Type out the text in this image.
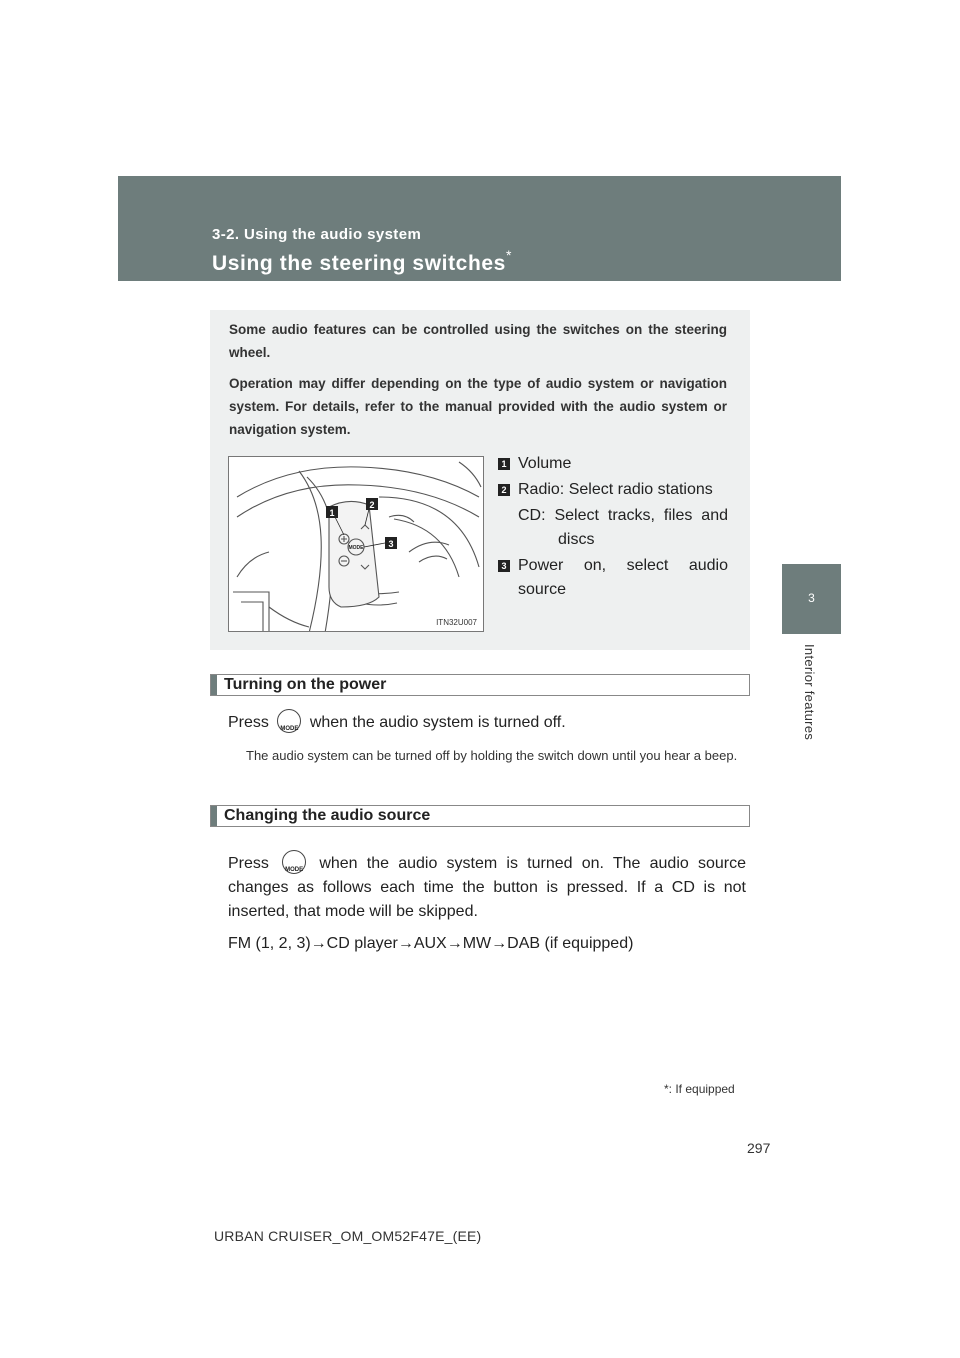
3-2. Using the audio system
Using the steering switches*
3
Interior features

Some audio features can be controlled using the switches on the steering wheel.

Operation may differ depending on the type of audio system or navigation system. For details, refer to the manual provided with the audio system or navigation system.

MODE
1
2
3
ITN32U007
1 Volume
2 Radio: Select radio stations
CD: Select tracks, files and discs
3 Power on, select audio source
Turning on the power
Press	MODE when the audio system is turned off.
The audio system can be turned off by holding the switch down until you hear a beep.
Changing the audio source
Press	MODE when the audio system is turned on. The audio source changes as follows each time the button is pressed. If a CD is not inserted, that mode will be skipped.
FM (1, 2, 3)→CD player→AUX→MW→DAB (if equipped)
*: If equipped
297
URBAN CRUISER_OM_OM52F47E_(EE)
